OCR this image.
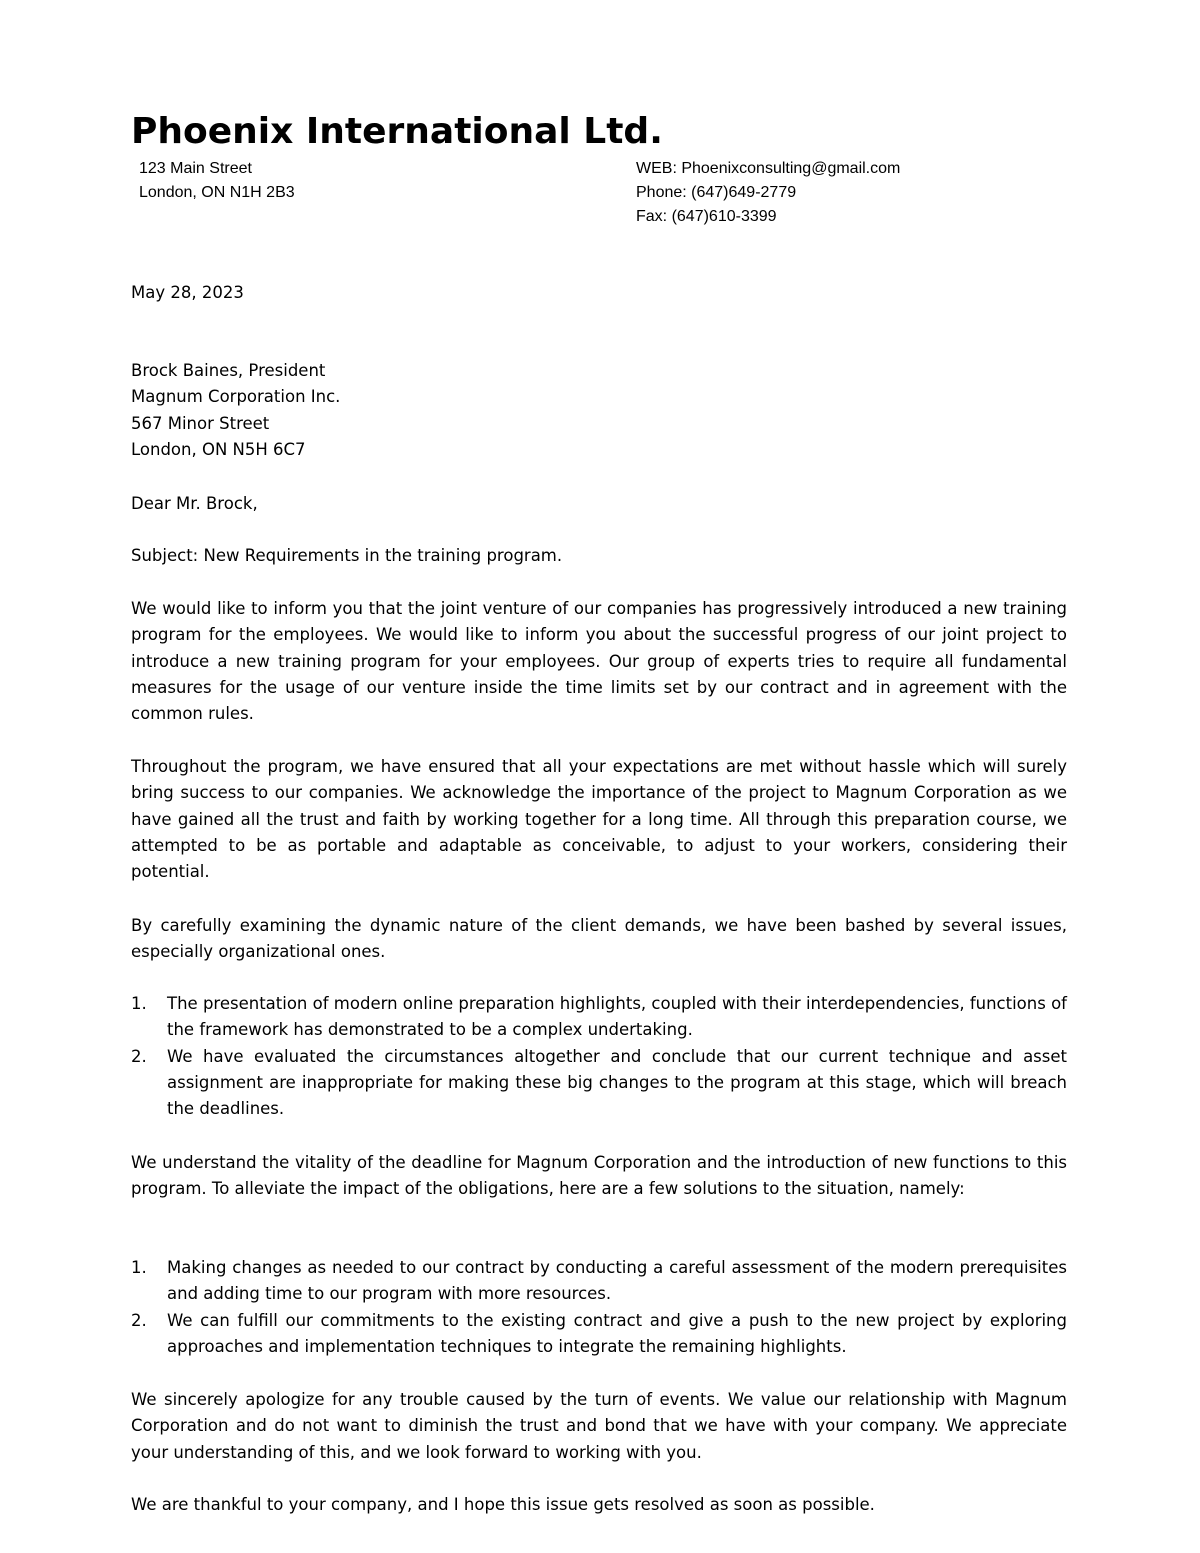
Phoenix International Ltd.
123 Main Street
London, ON N1H 2B3
WEB: Phoenixconsulting@gmail.com
Phone: (647)649-2779
Fax: (647)610-3399
May 28, 2023
Brock Baines, President
Magnum Corporation Inc.
567 Minor Street
London, ON N5H 6C7
Dear Mr. Brock,
Subject: New Requirements in the training program.
We would like to inform you that the joint venture of our companies has progressively introduced a new training program for the employees. We would like to inform you about the successful progress of our joint project to introduce a new training program for your employees. Our group of experts tries to require all fundamental measures for the usage of our venture inside the time limits set by our contract and in agreement with the common rules.
Throughout the program, we have ensured that all your expectations are met without hassle which will surely bring success to our companies. We acknowledge the importance of the project to Magnum Corporation as we have gained all the trust and faith by working together for a long time. All through this preparation course, we attempted to be as portable and adaptable as conceivable, to adjust to your workers, considering their potential.
By carefully examining the dynamic nature of the client demands, we have been bashed by several issues, especially organizational ones.
1. The presentation of modern online preparation highlights, coupled with their interdependencies, functions of the framework has demonstrated to be a complex undertaking.
2. We have evaluated the circumstances altogether and conclude that our current technique and asset assignment are inappropriate for making these big changes to the program at this stage, which will breach the deadlines.
We understand the vitality of the deadline for Magnum Corporation and the introduction of new functions to this program. To alleviate the impact of the obligations, here are a few solutions to the situation, namely:
1. Making changes as needed to our contract by conducting a careful assessment of the modern prerequisites and adding time to our program with more resources.
2. We can fulfill our commitments to the existing contract and give a push to the new project by exploring approaches and implementation techniques to integrate the remaining highlights.
We sincerely apologize for any trouble caused by the turn of events. We value our relationship with Magnum Corporation and do not want to diminish the trust and bond that we have with your company. We appreciate your understanding of this, and we look forward to working with you.
We are thankful to your company, and I hope this issue gets resolved as soon as possible.
